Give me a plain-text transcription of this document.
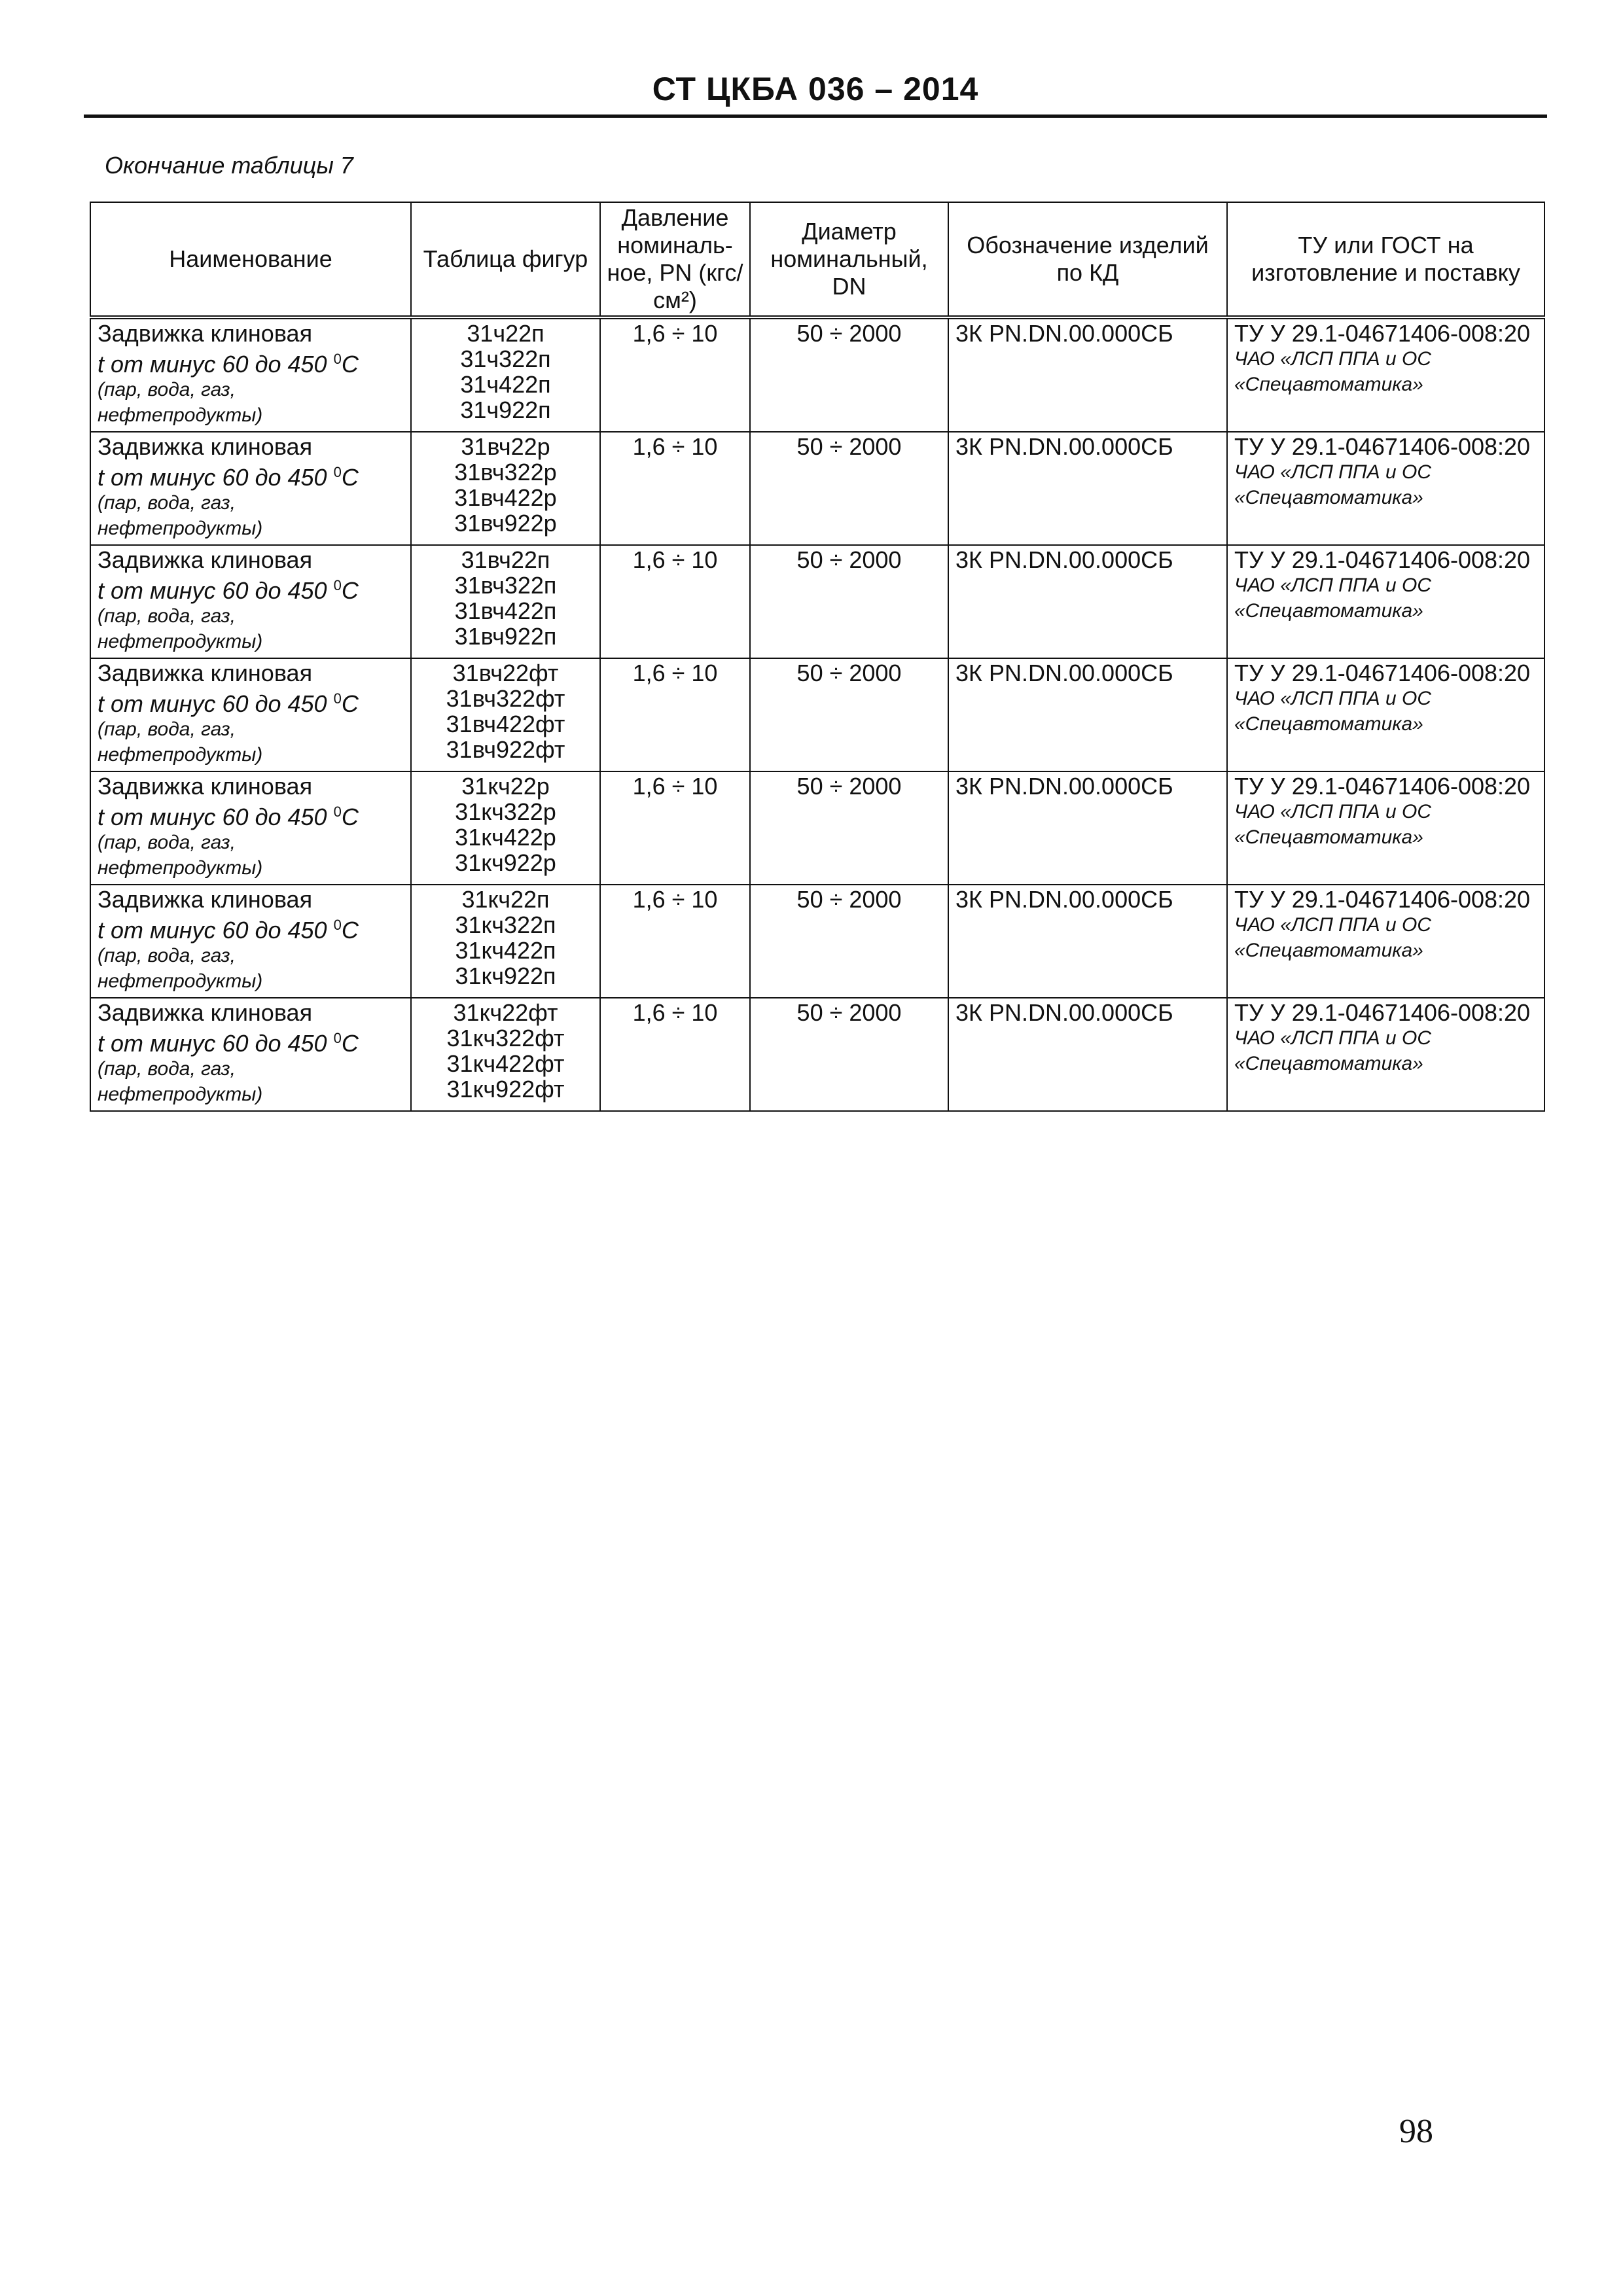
СТ ЦКБА 036 – 2014
Окончание таблицы 7
Наименование	Таблица фигур	Давление номиналь-ное, PN (кгс/см²)	Диаметр номинальный, DN	Обозначение изделий по КД	ТУ или ГОСТ на изготовление и поставку

Задвижка клиновая
t от минус 60 до 450 $^0$C
(пар, вода, газ, нефтепродукты)	31ч22п
31ч322п
31ч422п
31ч922п	1,6 ÷ 10	50 ÷ 2000	3К PN.DN.00.000СБ	ТУ У 29.1-04671406-008:20
ЧАО «ЛСП ППА и ОС «Спецавтоматика»

Задвижка клиновая
t от минус 60 до 450 $^0$C
(пар, вода, газ, нефтепродукты)	31вч22р
31вч322р
31вч422р
31вч922р	1,6 ÷ 10	50 ÷ 2000	3К PN.DN.00.000СБ	ТУ У 29.1-04671406-008:20
ЧАО «ЛСП ППА и ОС «Спецавтоматика»

Задвижка клиновая
t от минус 60 до 450 $^0$C
(пар, вода, газ, нефтепродукты)	31вч22п
31вч322п
31вч422п
31вч922п	1,6 ÷ 10	50 ÷ 2000	3К PN.DN.00.000СБ	ТУ У 29.1-04671406-008:20
ЧАО «ЛСП ППА и ОС «Спецавтоматика»

Задвижка клиновая
t от минус 60 до 450 $^0$C
(пар, вода, газ, нефтепродукты)	31вч22фт
31вч322фт
31вч422фт
31вч922фт	1,6 ÷ 10	50 ÷ 2000	3К PN.DN.00.000СБ	ТУ У 29.1-04671406-008:20
ЧАО «ЛСП ППА и ОС «Спецавтоматика»

Задвижка клиновая
t от минус 60 до 450 $^0$C
(пар, вода, газ, нефтепродукты)	31кч22р
31кч322р
31кч422р
31кч922р	1,6 ÷ 10	50 ÷ 2000	3К PN.DN.00.000СБ	ТУ У 29.1-04671406-008:20
ЧАО «ЛСП ППА и ОС «Спецавтоматика»

Задвижка клиновая
t от минус 60 до 450 $^0$C
(пар, вода, газ, нефтепродукты)	31кч22п
31кч322п
31кч422п
31кч922п	1,6 ÷ 10	50 ÷ 2000	3К PN.DN.00.000СБ	ТУ У 29.1-04671406-008:20
ЧАО «ЛСП ППА и ОС «Спецавтоматика»

Задвижка клиновая
t от минус 60 до 450 $^0$C
(пар, вода, газ, нефтепродукты)	31кч22фт
31кч322фт
31кч422фт
31кч922фт	1,6 ÷ 10	50 ÷ 2000	3К PN.DN.00.000СБ	ТУ У 29.1-04671406-008:20
ЧАО «ЛСП ППА и ОС «Спецавтоматика»
98
